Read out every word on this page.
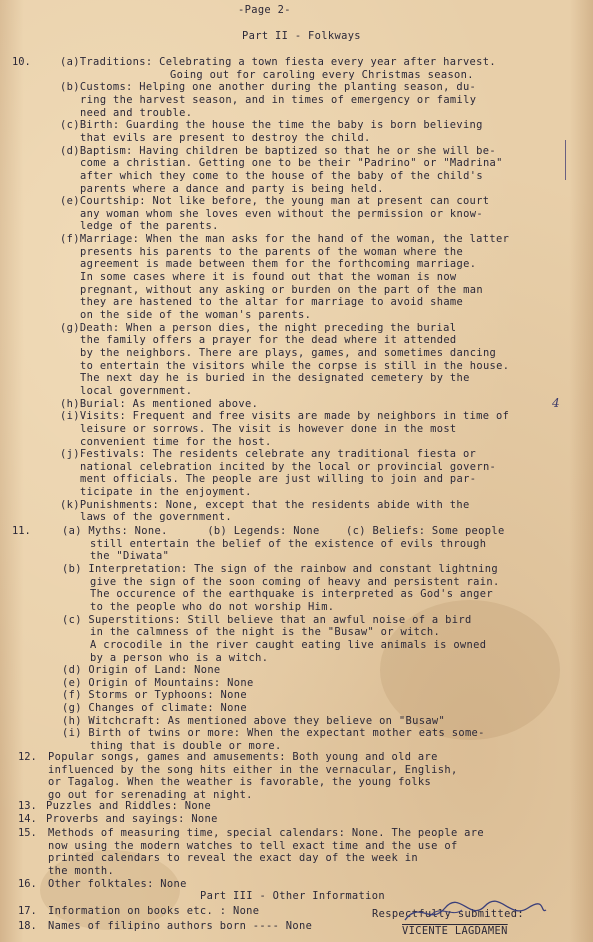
-Page 2-
Part II - Folkways
10.	(a)Traditions: Celebrating a town fiesta every year after harvest.
Going out for caroling every Christmas season.
(b)Customs: Helping one another during the planting season, du-
ring the harvest season, and in times of emergency or family
need and trouble.
(c)Birth: Guarding the house the time the baby is born believing
that evils are present to destroy the child.
(d)Baptism: Having children be baptized so that he or she will be-
come a christian. Getting one to be their "Padrino" or "Madrina"
after which they come to the house of the baby of the child's
parents where a dance and party is being held.
(e)Courtship: Not like before, the young man at present can court
any woman whom she loves even without the permission or know-
ledge of the parents.
(f)Marriage: When the man asks for the hand of the woman, the latter
presents his parents to the parents of the woman where the
agreement is made between them for the forthcoming marriage.
In some cases where it is found out that the woman is now
pregnant, without any asking or burden on the part of the man
they are hastened to the altar for marriage to avoid shame
on the side of the woman's parents.
(g)Death: When a person dies, the night preceding the burial
the family offers a prayer for the dead where it attended
by the neighbors. There are plays, games, and sometimes dancing
to entertain the visitors while the corpse is still in the house.
The next day he is buried in the designated cemetery by the
local government.
(h)Burial: As mentioned above.
(i)Visits: Frequent and free visits are made by neighbors in time of
leisure or sorrows. The visit is however done in the most
convenient time for the host.
(j)Festivals: The residents celebrate any traditional fiesta or
national celebration incited by the local or provincial govern-
ment officials. The people are just willing to join and par-
ticipate in the enjoyment.
(k)Punishments: None, except that the residents abide with the
laws of the government.
11.	(a) Myths: None.      (b) Legends: None    (c) Beliefs: Some people
still entertain the belief of the existence of evils through
the "Diwata"
(b) Interpretation: The sign of the rainbow and constant lightning
give the sign of the soon coming of heavy and persistent rain.
The occurence of the earthquake is interpreted as God's anger
to the people who do not worship Him.
(c) Superstitions: Still believe that an awful noise of a bird
in the calmness of the night is the "Busaw" or witch.
A crocodile in the river caught eating live animals is owned
by a person who is a witch.
(d) Origin of Land: None
(e) Origin of Mountains: None
(f) Storms or Typhoons: None
(g) Changes of climate: None
(h) Witchcraft: As mentioned above they believe on "Busaw"
(i) Birth of twins or more: When the expectant mother eats some-
thing that is double or more.
12. Popular songs, games and amusements: Both young and old are
influenced by the song hits either in the vernacular, English,
or Tagalog. When the weather is favorable, the young folks
go out for serenading at night.
13. Puzzles and Riddles: None
14. Proverbs and sayings: None
15. Methods of measuring time, special calendars: None. The people are
now using the modern watches to tell exact time and the use of
printed calendars to reveal the exact day of the week in
the month.
16. Other folktales: None
Part III - Other Information
17. Information on books etc. : None
18. Names of filipino authors born ---- None
Respectfully submitted:
VICENTE LAGDAMEN
4
